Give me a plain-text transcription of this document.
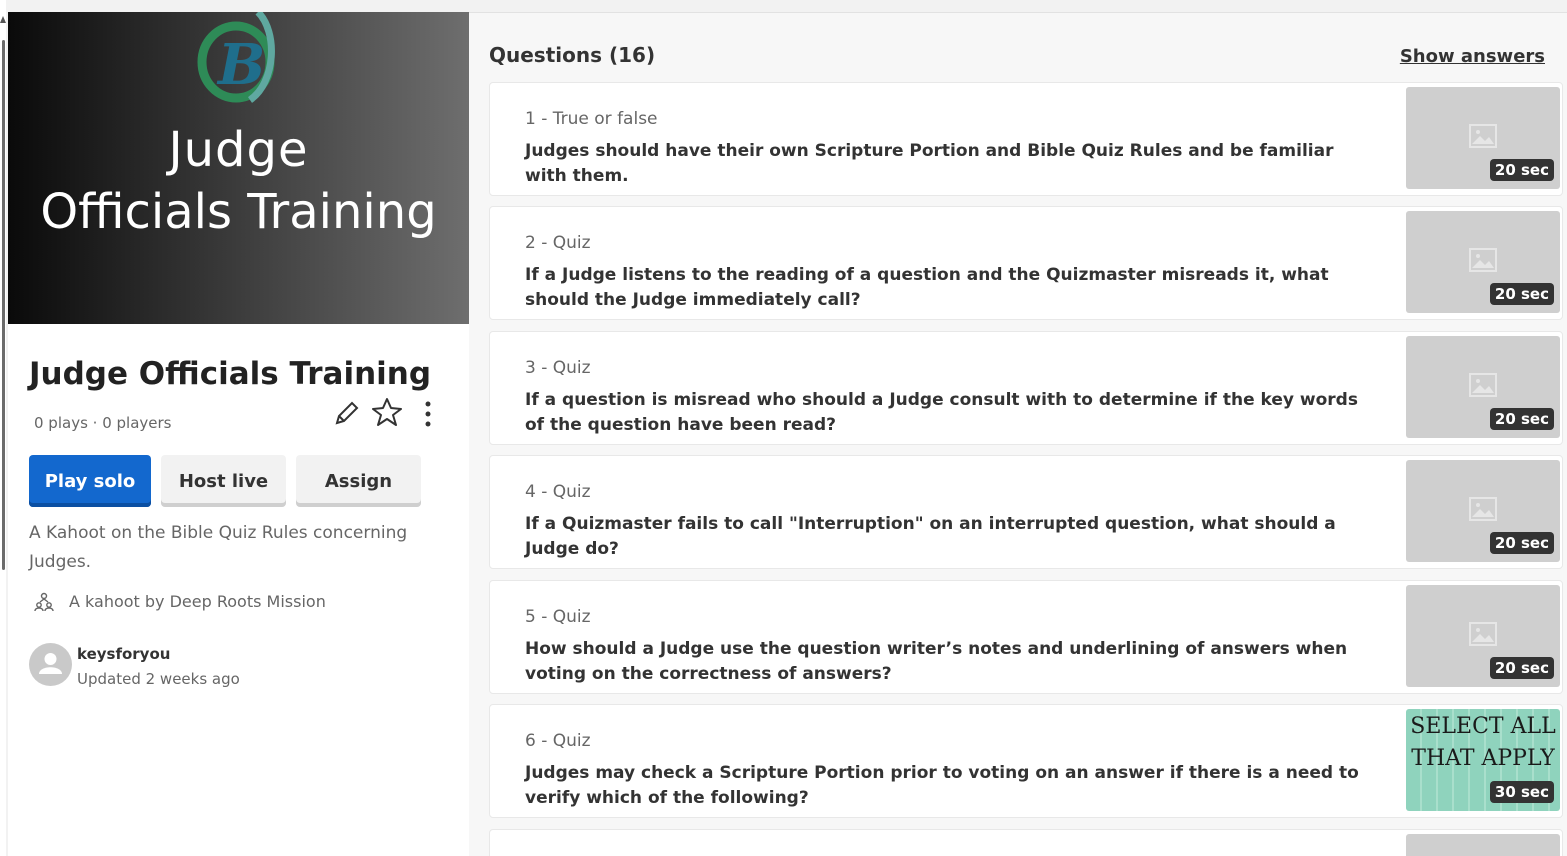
B
Judge
Officials Training
Judge Officials Training
0 plays · 0 players
Play solo	Host live	Assign
A Kahoot on the Bible Quiz Rules concerning Judges.
A kahoot by Deep Roots Mission
keysforyou
Updated 2 weeks ago
Questions (16)	Show answers
1 - True or false
Judges should have their own Scripture Portion and Bible Quiz Rules and be familiar with them.	20 sec
2 - Quiz
If a Judge listens to the reading of a question and the Quizmaster misreads it, what should the Judge immediately call?	20 sec
3 - Quiz
If a question is misread who should a Judge consult with to determine if the key words of the question have been read?	20 sec
4 - Quiz
If a Quizmaster fails to call "Interruption" on an interrupted question, what should a Judge do?	20 sec
5 - Quiz
How should a Judge use the question writer’s notes and underlining of answers when voting on the correctness of answers?	20 sec
6 - Quiz
Judges may check a Scripture Portion prior to voting on an answer if there is a need to verify which of the following?
SELECT ALL THAT APPLY
30 sec
